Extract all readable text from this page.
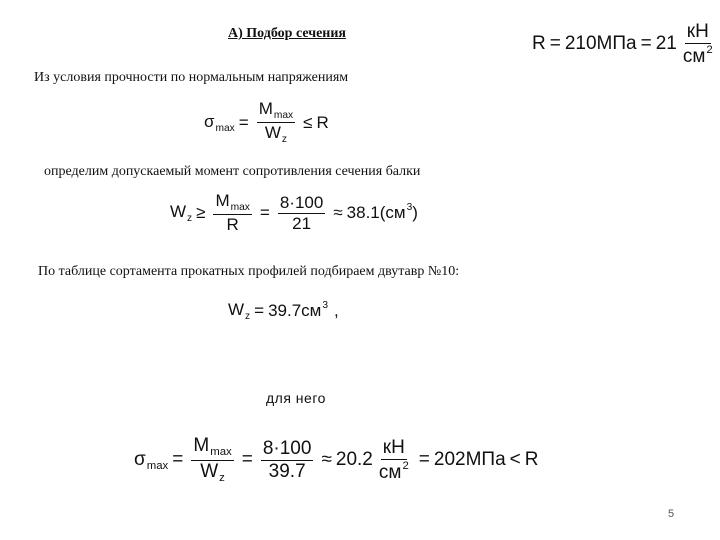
А) Подбор сечения	$R = 210МПа = 21 \frac{кН}{см^2}$
Из условия прочности по нормальным напряжениям
$\sigma_{max} = \frac{M_{max}}{W_z} \le R$
определим допускаемый момент сопротивления сечения балки
$W_z \ge \frac{M_{max}}{R} = \frac{8\cdot 100}{21} \approx 38.1(см^3)$
По таблице сортамента прокатных профилей подбираем двутавр №10:
$W_z = 39.7см^3$ ,
для него
$\sigma_{max} = \frac{M_{max}}{W_z} = \frac{8\cdot 100}{39.7} \approx 20.2 \frac{кН}{см^2} = 202МПа < R$
5
